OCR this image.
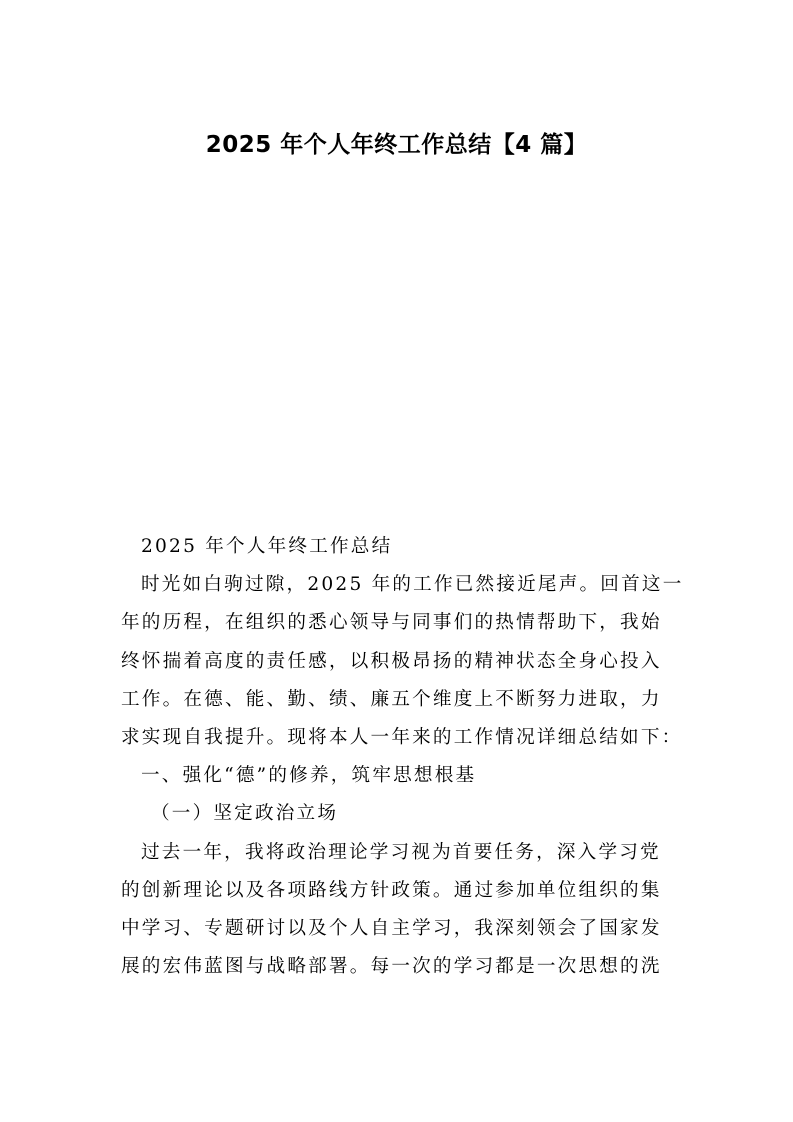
2025 年个人年终工作总结【4 篇】
2025 年个人年终工作总结
时光如白驹过隙，2025 年的工作已然接近尾声。回首这一
年的历程，在组织的悉心领导与同事们的热情帮助下，我始
终怀揣着高度的责任感，以积极昂扬的精神状态全身心投入
工作。在德、能、勤、绩、廉五个维度上不断努力进取，力
求实现自我提升。现将本人一年来的工作情况详细总结如下：
一、强化“德”的修养，筑牢思想根基
（一）坚定政治立场
过去一年，我将政治理论学习视为首要任务，深入学习党
的创新理论以及各项路线方针政策。通过参加单位组织的集
中学习、专题研讨以及个人自主学习，我深刻领会了国家发
展的宏伟蓝图与战略部署。每一次的学习都是一次思想的洗
